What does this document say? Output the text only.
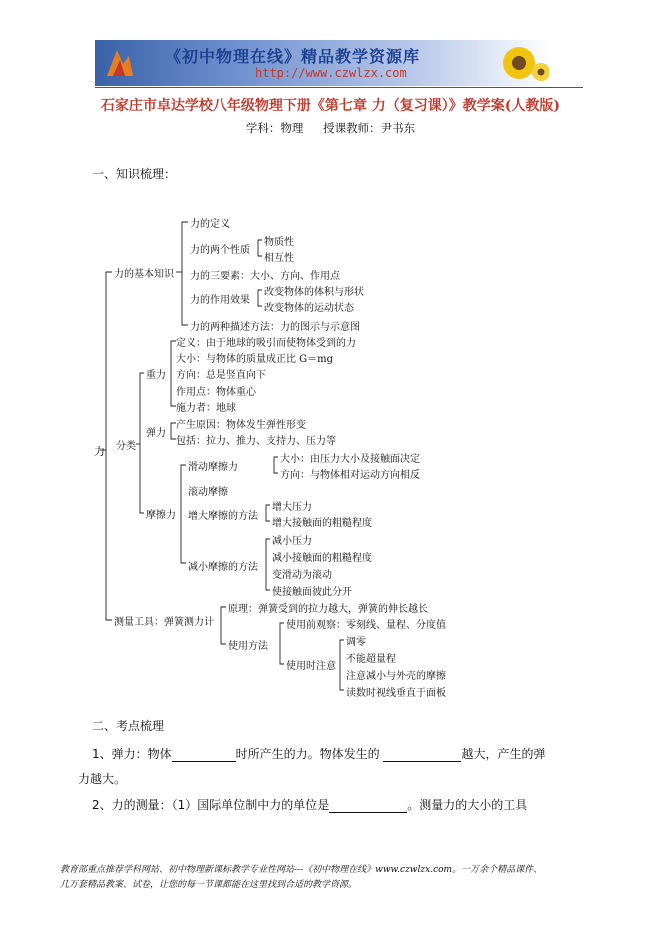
《初中物理在线》精品教学资源库
http://www.czwlzx.com
石家庄市卓达学校八年级物理下册《第七章 力（复习课）》教学案(人教版)
学科：物理 授课教师：尹书东
一、知识梳理：
力
力的基本知识
力的定义
力的两个性质
物质性
相互性
力的三要素：大小、方向、作用点
力的作用效果
改变物体的体积与形状
改变物体的运动状态
力的两种描述方法：力的图示与示意图
分类
重力
定义：由于地球的吸引而使物体受到的力
大小：与物体的质量成正比 G＝mg
方向：总是竖直向下
作用点：物体重心
施力者：地球
弹力
产生原因：物体发生弹性形变
包括：拉力、推力、支持力、压力等
摩擦力
滑动摩擦力
大小：由压力大小及接触面决定
方向：与物体相对运动方向相反
滚动摩擦
增大摩擦的方法
增大压力
增大接触面的粗糙程度
减小摩擦的方法
减小压力
减小接触面的粗糙程度
变滑动为滚动
使接触面彼此分开
测量工具：弹簧测力计
原理：弹簧受到的拉力越大，弹簧的伸长越长
使用方法
使用前观察：零刻线、量程、分度值
使用时注意
调零
不能超量程
注意减小与外壳的摩擦
读数时视线垂直于面板
二、考点梳理
1、弹力：物体	时所产生的力。物体发生的	越大，产生的弹
力越大。
2、力的测量：（1）国际单位制中力的单位是	。测量力的大小的工具
教育部重点推荐学科网站、初中物理新课标教学专业性网站---《初中物理在线》www.czwlzx.com。一万余个精品课件、
几万套精品教案、试卷，让您的每一节课都能在这里找到合适的教学资源。
